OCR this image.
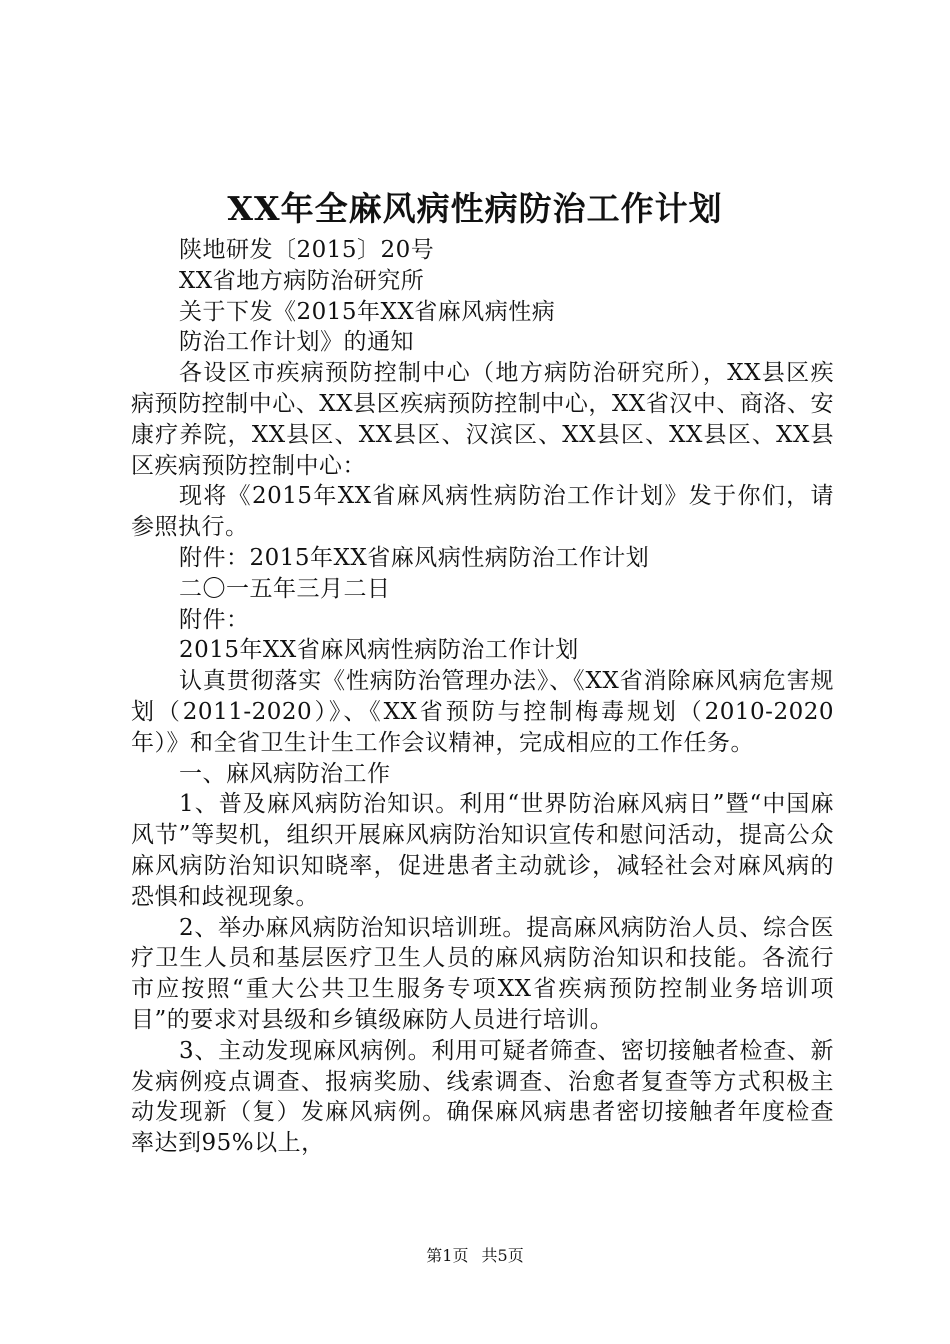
XX年全麻风病性病防治工作计划

陕地研发〔2015〕20号

XX省地方病防治研究所

关于下发《2015年XX省麻风病性病

防治工作计划》的通知

各设区市疾病预防控制中心（地方病防治研究所），XX县区疾病预防控制中心、XX县区疾病预防控制中心，XX省汉中、商洛、安康疗养院，XX县区、XX县区、汉滨区、XX县区、XX县区、XX县区疾病预防控制中心：

现将《2015年XX省麻风病性病防治工作计划》发于你们，请参照执行。

附件：2015年XX省麻风病性病防治工作计划

二〇一五年三月二日

附件：

2015年XX省麻风病性病防治工作计划

认真贯彻落实《性病防治管理办法》、《XX省消除麻风病危害规划（2011-2020）》、《XX省预防与控制梅毒规划（2010-2020年）》和全省卫生计生工作会议精神，完成相应的工作任务。

一、麻风病防治工作

1、普及麻风病防治知识。利用“世界防治麻风病日”暨“中国麻风节”等契机，组织开展麻风病防治知识宣传和慰问活动，提高公众麻风病防治知识知晓率，促进患者主动就诊，减轻社会对麻风病的恐惧和歧视现象。

2、举办麻风病防治知识培训班。提高麻风病防治人员、综合医疗卫生人员和基层医疗卫生人员的麻风病防治知识和技能。各流行市应按照“重大公共卫生服务专项XX省疾病预防控制业务培训项目”的要求对县级和乡镇级麻防人员进行培训。

3、主动发现麻风病例。利用可疑者筛查、密切接触者检查、新发病例疫点调查、报病奖励、线索调查、治愈者复查等方式积极主动发现新（复）发麻风病例。确保麻风病患者密切接触者年度检查率达到95%以上，

第1页 共5页
